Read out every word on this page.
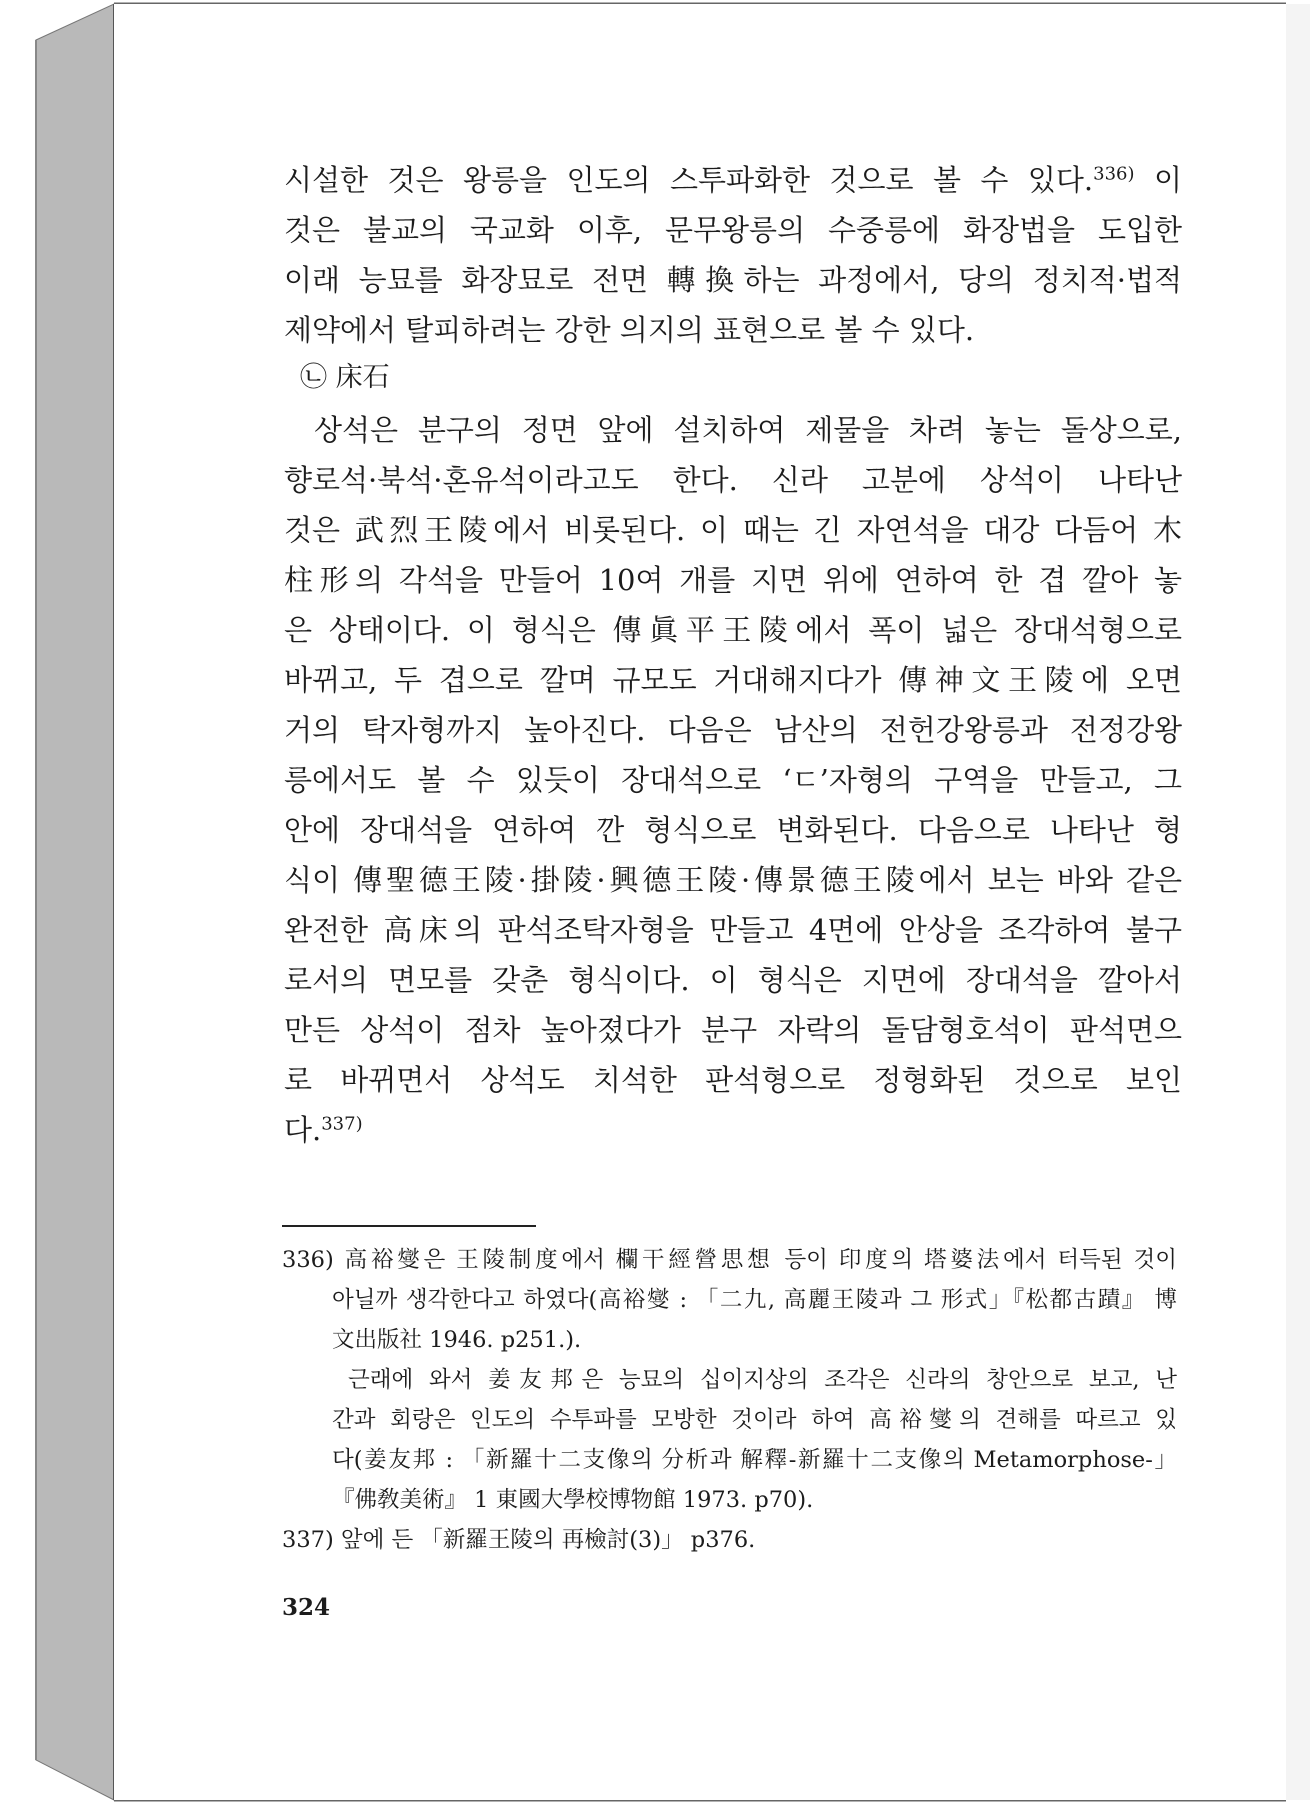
시설한 것은 왕릉을 인도의 스투파화한 것으로 볼 수 있다.$^{336)}$ 이
것은 불교의 국교화 이후, 문무왕릉의 수중릉에 화장법을 도입한
이래 능묘를 화장묘로 전면 轉換하는 과정에서, 당의 정치적·법적
제약에서 탈피하려는 강한 의지의 표현으로 볼 수 있다.
㉡ 床石
상석은 분구의 정면 앞에 설치하여 제물을 차려 놓는 돌상으로,
향로석·북석·혼유석이라고도 한다. 신라 고분에 상석이 나타난
것은 武烈王陵에서 비롯된다. 이 때는 긴 자연석을 대강 다듬어 木
柱形의 각석을 만들어 10여 개를 지면 위에 연하여 한 겹 깔아 놓
은 상태이다. 이 형식은 傳眞平王陵에서 폭이 넓은 장대석형으로
바뀌고, 두 겹으로 깔며 규모도 거대해지다가 傳神文王陵에 오면
거의 탁자형까지 높아진다. 다음은 남산의 전헌강왕릉과 전정강왕
릉에서도 볼 수 있듯이 장대석으로 ‘ㄷ’자형의 구역을 만들고, 그
안에 장대석을 연하여 깐 형식으로 변화된다. 다음으로 나타난 형
식이 傳聖德王陵·掛陵·興德王陵·傳景德王陵에서 보는 바와 같은
완전한 高床의 판석조탁자형을 만들고 4면에 안상을 조각하여 불구
로서의 면모를 갖춘 형식이다. 이 형식은 지면에 장대석을 깔아서
만든 상석이 점차 높아졌다가 분구 자락의 돌담형호석이 판석면으
로 바뀌면서 상석도 치석한 판석형으로 정형화된 것으로 보인
다.$^{337)}$
336) 高裕燮은 王陵制度에서 欄干經營思想 등이 印度의 塔婆法에서 터득된 것이
아닐까 생각한다고 하였다(高裕燮 : 「二九, 高麗王陵과 그 形式」『松都古蹟』 博
文出版社 1946. p251.).
근래에 와서 姜友邦은 능묘의 십이지상의 조각은 신라의 창안으로 보고, 난
간과 회랑은 인도의 수투파를 모방한 것이라 하여 高裕燮의 견해를 따르고 있
다(姜友邦 : 「新羅十二支像의 分析과 解釋-新羅十二支像의 Metamorphose-」
『佛敎美術』 1 東國大學校博物館 1973. p70).
337) 앞에 든 「新羅王陵의 再檢討(3)」 p376.
324
